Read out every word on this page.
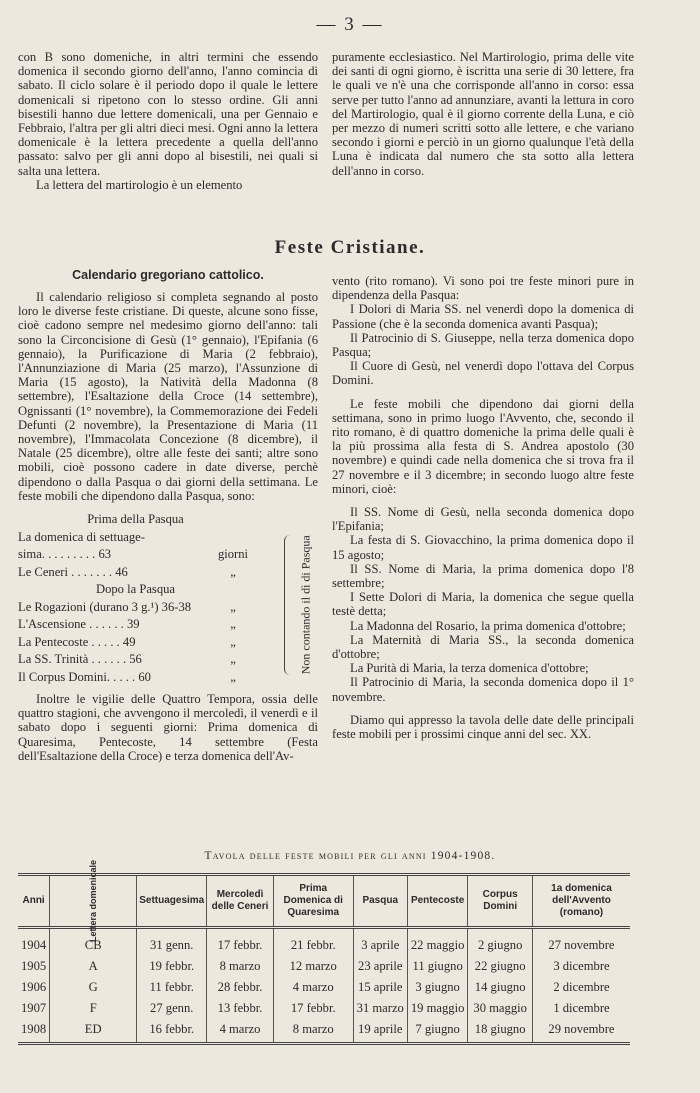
— 3 —

con B sono domeniche, in altri termini che essendo domenica il secondo giorno dell'anno, l'anno comincia di sabato. Il ciclo solare è il periodo dopo il quale le lettere domenicali si ripetono con lo stesso ordine. Gli anni bisestili hanno due lettere domenicali, una per Gennaio e Febbraio, l'altra per gli altri dieci mesi. Ogni anno la lettera domenicale è la lettera precedente a quella dell'anno passato: salvo per gli anni dopo al bisestili, nei quali si salta una lettera.

La lettera del martirologio è un elemento

puramente ecclesiastico. Nel Martirologio, prima delle vite dei santi di ogni giorno, è iscritta una serie di 30 lettere, fra le quali ve n'è una che corrisponde all'anno in corso: essa serve per tutto l'anno ad annunziare, avanti la lettura in coro del Martirologio, qual è il giorno corrente della Luna, e ciò per mezzo di numeri scritti sotto alle lettere, e che variano secondo i giorni e perciò in un giorno qualunque l'età della Luna è indicata dal numero che sta sotto alla lettera dell'anno in corso.

Feste Cristiane.
Calendario gregoriano cattolico.

Il calendario religioso si completa segnando al posto loro le diverse feste cristiane. Di queste, alcune sono fisse, cioè cadono sempre nel medesimo giorno dell'anno: tali sono la Circoncisione di Gesù (1° gennaio), l'Epifania (6 gennaio), la Purificazione di Maria (2 febbraio), l'Annunziazione di Maria (25 marzo), l'Assunzione di Maria (15 agosto), la Natività della Madonna (8 settembre), l'Esaltazione della Croce (14 settembre), Ognissanti (1° novembre), la Commemorazione dei Fedeli Defunti (2 novembre), la Presentazione di Maria (11 novembre), l'Immacolata Concezione (8 dicembre), il Natale (25 dicembre), oltre alle feste dei santi; altre sono mobili, cioè possono cadere in date diverse, perchè dipendono o dalla Pasqua o dai giorni della settimana. Le feste mobili che dipendono dalla Pasqua, sono:

Prima della Pasqua
La domenica di settuage-
sima. . . . . . . . . 63	giorni
Le Ceneri . . . . . . . 46	„
Dopo la Pasqua
Le Rogazioni (durano 3 g.¹) 36-38	„
L'Ascensione . . . . . . 39	„
La Pentecoste . . . . . 49	„
La SS. Trinità . . . . . . 56	„
Il Corpus Domini. . . . . 60	„
Non contando il dì di Pasqua

Inoltre le vigilie delle Quattro Tempora, ossia delle quattro stagioni, che avvengono il mercoledì, il venerdì e il sabato dopo i seguenti giorni: Prima domenica di Quaresima, Pentecoste, 14 settembre (Festa dell'Esaltazione della Croce) e terza domenica dell'Av-

vento (rito romano). Vi sono poi tre feste minori pure in dipendenza della Pasqua:

I Dolori di Maria SS. nel venerdì dopo la domenica di Passione (che è la seconda domenica avanti Pasqua);

Il Patrocinio di S. Giuseppe, nella terza domenica dopo Pasqua;

Il Cuore di Gesù, nel venerdì dopo l'ottava del Corpus Domini.

Le feste mobili che dipendono dai giorni della settimana, sono in primo luogo l'Avvento, che, secondo il rito romano, è di quattro domeniche la prima delle quali è la più prossima alla festa di S. Andrea apostolo (30 novembre) e quindi cade nella domenica che si trova fra il 27 novembre e il 3 dicembre; in secondo luogo altre feste minori, cioè:

Il SS. Nome di Gesù, nella seconda domenica dopo l'Epifania;

La festa di S. Giovacchino, la prima domenica dopo il 15 agosto;

Il SS. Nome di Maria, la prima domenica dopo l'8 settembre;

I Sette Dolori di Maria, la domenica che segue quella testè detta;

La Madonna del Rosario, la prima domenica d'ottobre;

La Maternità di Maria SS., la seconda domenica d'ottobre;

La Purità di Maria, la terza domenica d'ottobre;

Il Patrocinio di Maria, la seconda domenica dopo il 1° novembre.

Diamo qui appresso la tavola delle date delle principali feste mobili per i prossimi cinque anni del sec. XX.

Tavola delle feste mobili per gli anni 1904-1908.
Anni	Lettera domenicale	Settuagesima	Mercoledì delle Ceneri	Prima Domenica di Quaresima	Pasqua	Pentecoste	Corpus Domini	1a domenica dell'Avvento (romano)
1904	CB	31 genn.	17 febbr.	21 febbr.	3 aprile	22 maggio	2 giugno	27 novembre
1905	A	19 febbr.	8 marzo	12 marzo	23 aprile	11 giugno	22 giugno	3 dicembre
1906	G	11 febbr.	28 febbr.	4 marzo	15 aprile	3 giugno	14 giugno	2 dicembre
1907	F	27 genn.	13 febbr.	17 febbr.	31 marzo	19 maggio	30 maggio	1 dicembre
1908	ED	16 febbr.	4 marzo	8 marzo	19 aprile	7 giugno	18 giugno	29 novembre
